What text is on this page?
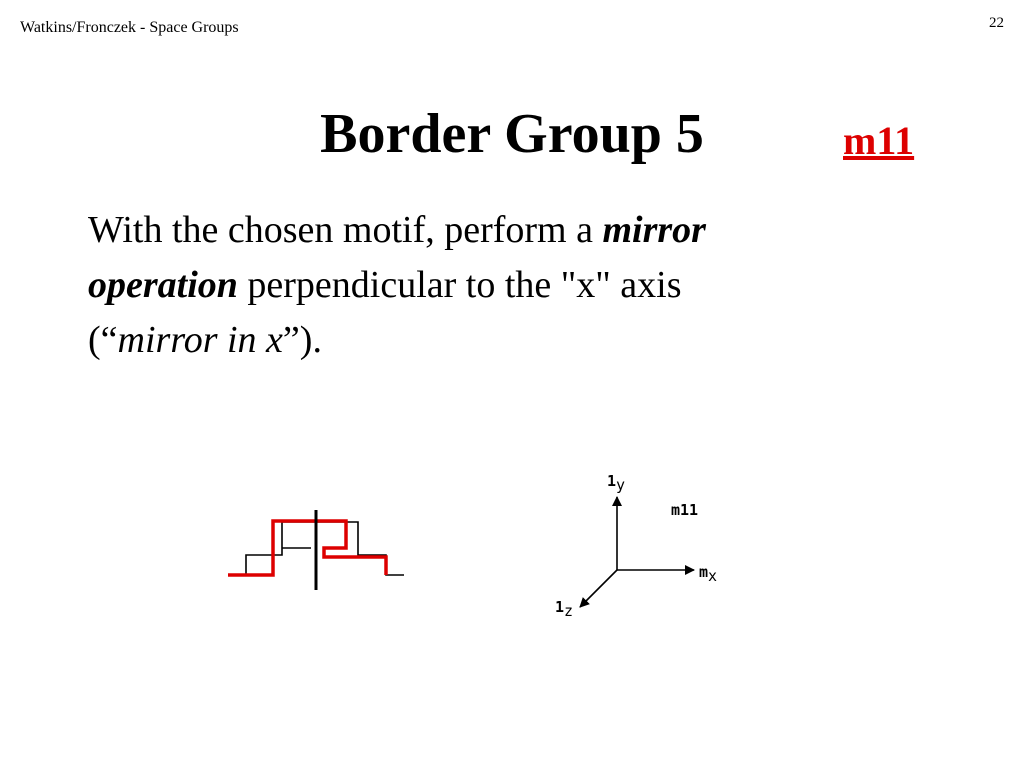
Watkins/Fronczek - Space Groups	22
Border Group 5	m11

With the chosen motif, perform a mirror
operation perpendicular to the "x" axis
(“mirror in x”).

1y
m11
mx
1z
